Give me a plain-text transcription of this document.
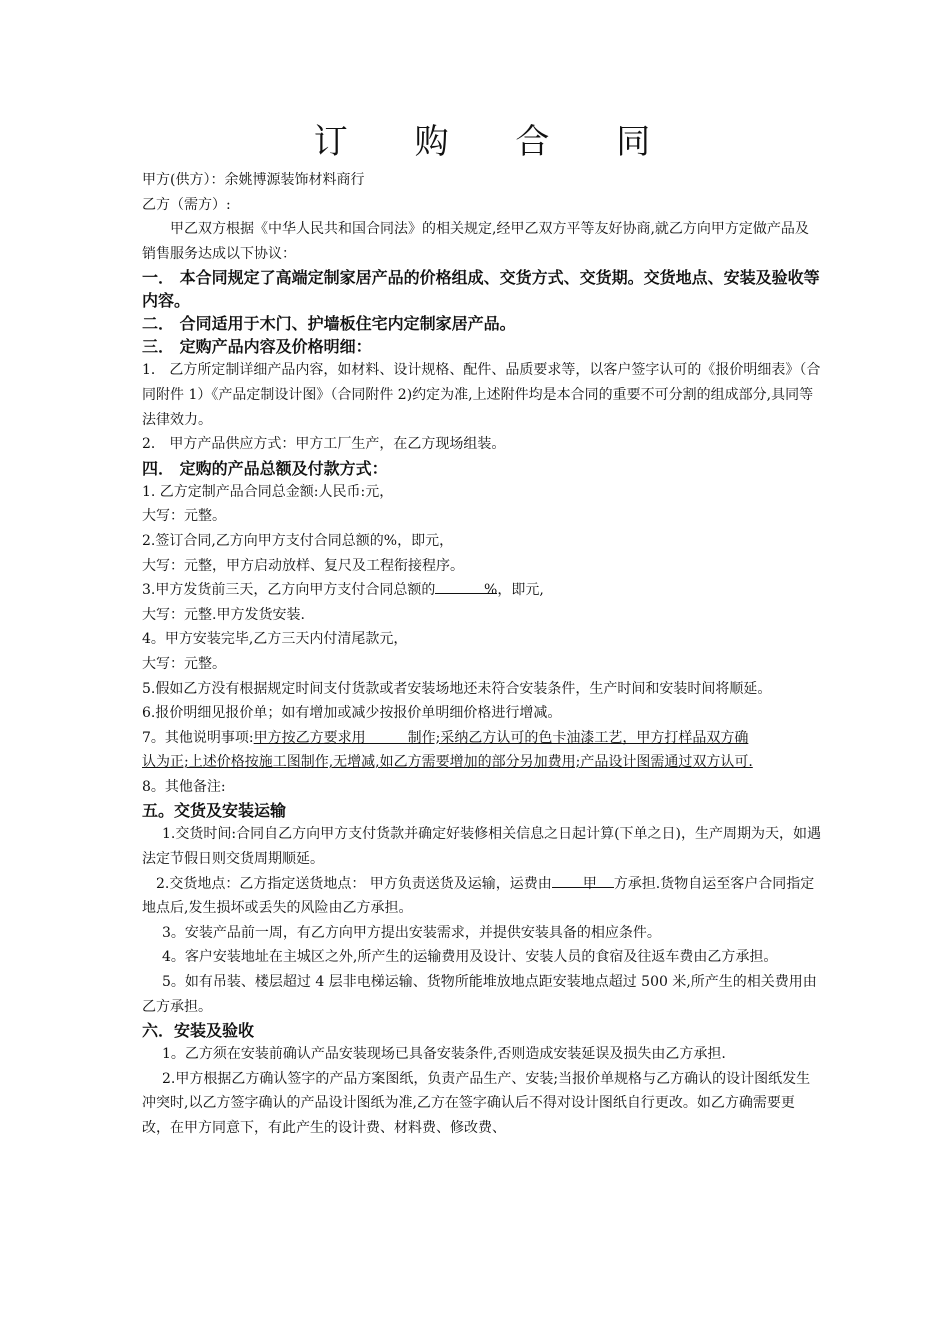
订 购 合 同

甲方(供方）：余姚博源装饰材料商行

乙方（需方）:

甲乙双方根据《中华人民共和国合同法》的相关规定,经甲乙双方平等友好协商,就乙方向甲方定做产品及销售服务达成以下协议：

一． 本合同规定了高端定制家居产品的价格组成、交货方式、交货期。交货地点、安装及验收等内容。

二． 合同适用于木门、护墙板住宅内定制家居产品。

三． 定购产品内容及价格明细：

1． 乙方所定制详细产品内容，如材料、设计规格、配件、品质要求等，以客户签字认可的《报价明细表》（合同附件 1）《产品定制设计图》（合同附件 2)约定为准,上述附件均是本合同的重要不可分割的组成部分,具同等法律效力。

2． 甲方产品供应方式：甲方工厂生产，在乙方现场组装。

四． 定购的产品总额及付款方式：

1. 乙方定制产品合同总金额:人民币:元，

大写：元整。

2.签订合同,乙方向甲方支付合同总额的%，即元，

大写：元整，甲方启动放样、复尺及工程衔接程序。

3.甲方发货前三天，乙方向甲方支付合同总额的	%，即元,

大写：元整.甲方发货安装.

4。甲方安装完毕,乙方三天内付清尾款元，

大写：元整。

5.假如乙方没有根据规定时间支付货款或者安装场地还未符合安装条件，生产时间和安装时间将顺延。

6.报价明细见报价单；如有增加或减少按报价单明细价格进行增减。

7。其他说明事项:甲方按乙方要求用　　　制作;采纳乙方认可的色卡油漆工艺，甲方打样品双方确认为正;上述价格按施工图制作,无增减,如乙方需要增加的部分另加费用;产品设计图需通过双方认可.

8。其他备注:

五。交货及安装运输

1.交货时间:合同自乙方向甲方支付货款并确定好装修相关信息之日起计算(下单之日)，生产周期为天，如遇法定节假日则交货周期顺延。

2.交货地点：乙方指定送货地点： 甲方负责送货及运输，运费由 甲 方承担.货物自运至客户合同指定地点后,发生损坏或丢失的风险由乙方承担。

3。安装产品前一周，有乙方向甲方提出安装需求，并提供安装具备的相应条件。

4。客户安装地址在主城区之外,所产生的运输费用及设计、安装人员的食宿及往返车费由乙方承担。

5。如有吊装、楼层超过 4 层非电梯运输、货物所能堆放地点距安装地点超过 500 米,所产生的相关费用由乙方承担。

六．安装及验收

1。乙方须在安装前确认产品安装现场已具备安装条件,否则造成安装延误及损失由乙方承担.

2.甲方根据乙方确认签字的产品方案图纸，负责产品生产、安装;当报价单规格与乙方确认的设计图纸发生冲突时,以乙方签字确认的产品设计图纸为准,乙方在签字确认后不得对设计图纸自行更改。如乙方确需要更改，在甲方同意下，有此产生的设计费、材料费、修改费、
